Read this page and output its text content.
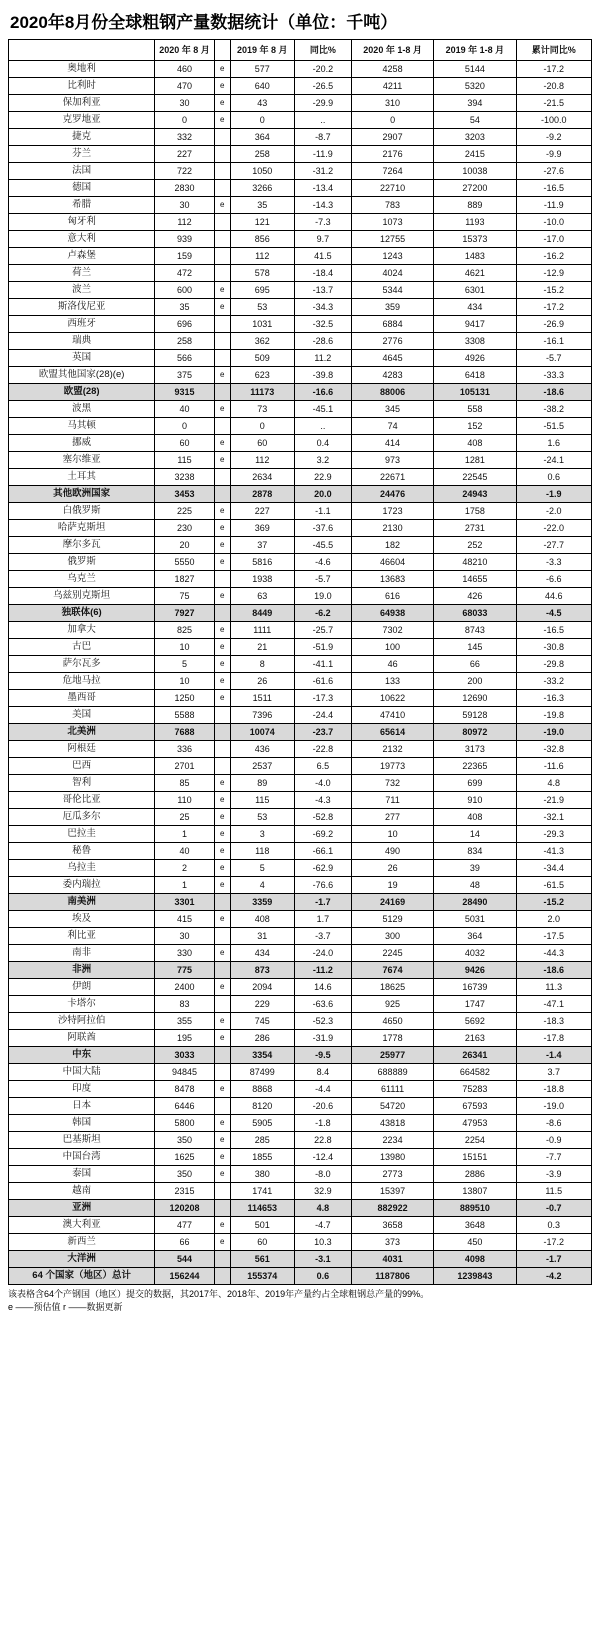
2020年8月份全球粗钢产量数据统计（单位：千吨）
	2020 年 8 月		2019 年 8 月	同比%	2020 年 1-8 月	2019 年 1-8 月	累计同比%
奥地利	460	e	577	-20.2	4258	5144	-17.2
比利时	470	e	640	-26.5	4211	5320	-20.8
保加利亚	30	e	43	-29.9	310	394	-21.5
克罗地亚	0	e	0	..	0	54	-100.0
捷克	332		364	-8.7	2907	3203	-9.2
芬兰	227		258	-11.9	2176	2415	-9.9
法国	722		1050	-31.2	7264	10038	-27.6
德国	2830		3266	-13.4	22710	27200	-16.5
希腊	30	e	35	-14.3	783	889	-11.9
匈牙利	112		121	-7.3	1073	1193	-10.0
意大利	939		856	9.7	12755	15373	-17.0
卢森堡	159		112	41.5	1243	1483	-16.2
荷兰	472		578	-18.4	4024	4621	-12.9
波兰	600	e	695	-13.7	5344	6301	-15.2
斯洛伐尼亚	35	e	53	-34.3	359	434	-17.2
西班牙	696		1031	-32.5	6884	9417	-26.9
瑞典	258		362	-28.6	2776	3308	-16.1
英国	566		509	11.2	4645	4926	-5.7
欧盟其他国家(28)(e)	375	e	623	-39.8	4283	6418	-33.3
欧盟(28)	9315		11173	-16.6	88006	105131	-18.6
波黑	40	e	73	-45.1	345	558	-38.2
马其顿	0		0	..	74	152	-51.5
挪威	60	e	60	0.4	414	408	1.6
塞尔维亚	115	e	112	3.2	973	1281	-24.1
土耳其	3238		2634	22.9	22671	22545	0.6
其他欧洲国家	3453		2878	20.0	24476	24943	-1.9
白俄罗斯	225	e	227	-1.1	1723	1758	-2.0
哈萨克斯坦	230	e	369	-37.6	2130	2731	-22.0
摩尔多瓦	20	e	37	-45.5	182	252	-27.7
俄罗斯	5550	e	5816	-4.6	46604	48210	-3.3
乌克兰	1827		1938	-5.7	13683	14655	-6.6
乌兹别克斯坦	75	e	63	19.0	616	426	44.6
独联体(6)	7927		8449	-6.2	64938	68033	-4.5
加拿大	825	e	1111	-25.7	7302	8743	-16.5
古巴	10	e	21	-51.9	100	145	-30.8
萨尔瓦多	5	e	8	-41.1	46	66	-29.8
危地马拉	10	e	26	-61.6	133	200	-33.2
墨西哥	1250	e	1511	-17.3	10622	12690	-16.3
美国	5588		7396	-24.4	47410	59128	-19.8
北美洲	7688		10074	-23.7	65614	80972	-19.0
阿根廷	336		436	-22.8	2132	3173	-32.8
巴西	2701		2537	6.5	19773	22365	-11.6
智利	85	e	89	-4.0	732	699	4.8
哥伦比亚	110	e	115	-4.3	711	910	-21.9
厄瓜多尔	25	e	53	-52.8	277	408	-32.1
巴拉圭	1	e	3	-69.2	10	14	-29.3
秘鲁	40	e	118	-66.1	490	834	-41.3
乌拉圭	2	e	5	-62.9	26	39	-34.4
委内瑞拉	1	e	4	-76.6	19	48	-61.5
南美洲	3301		3359	-1.7	24169	28490	-15.2
埃及	415	e	408	1.7	5129	5031	2.0
利比亚	30		31	-3.7	300	364	-17.5
南非	330	e	434	-24.0	2245	4032	-44.3
非洲	775		873	-11.2	7674	9426	-18.6
伊朗	2400	e	2094	14.6	18625	16739	11.3
卡塔尔	83		229	-63.6	925	1747	-47.1
沙特阿拉伯	355	e	745	-52.3	4650	5692	-18.3
阿联酋	195	e	286	-31.9	1778	2163	-17.8
中东	3033		3354	-9.5	25977	26341	-1.4
中国大陆	94845		87499	8.4	688889	664582	3.7
印度	8478	e	8868	-4.4	61111	75283	-18.8
日本	6446		8120	-20.6	54720	67593	-19.0
韩国	5800	e	5905	-1.8	43818	47953	-8.6
巴基斯坦	350	e	285	22.8	2234	2254	-0.9
中国台湾	1625	e	1855	-12.4	13980	15151	-7.7
泰国	350	e	380	-8.0	2773	2886	-3.9
越南	2315		1741	32.9	15397	13807	11.5
亚洲	120208		114653	4.8	882922	889510	-0.7
澳大利亚	477	e	501	-4.7	3658	3648	0.3
新西兰	66	e	60	10.3	373	450	-17.2
大洋洲	544		561	-3.1	4031	4098	-1.7
64 个国家（地区）总计	156244		155374	0.6	1187806	1239843	-4.2
该表格含64个产钢国（地区）提交的数据，其2017年、2018年、2019年产量约占全球粗钢总产量的99%。
e ——预估值 r ——数据更新
